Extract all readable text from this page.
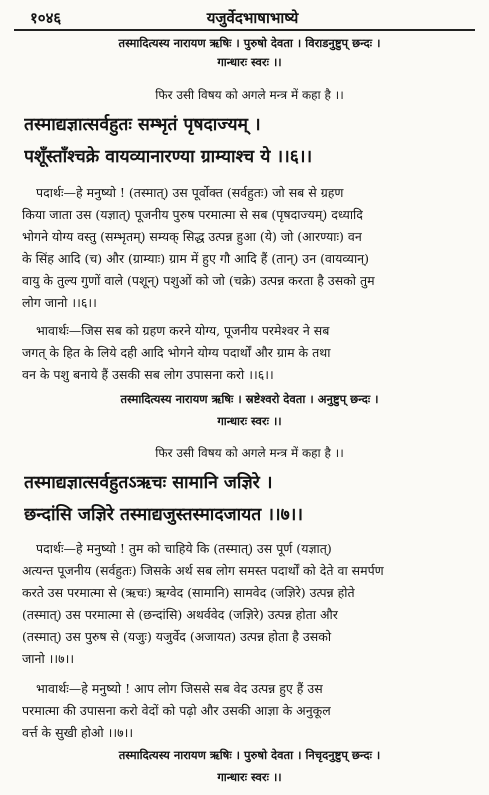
१०४६	यजुर्वेदभाषाभाष्ये
तस्मादित्यस्य नारायण ऋषिः । पुरुषो देवता । विराडनुष्टुप् छन्दः ।
गान्धारः स्वरः ।।
फिर उसी विषय को अगले मन्त्र में कहा है ।।
तस्माद्यज्ञात्सर्वहुतः सम्भृतं पृषदाज्यम् ।
पशूँस्ताँश्चक्रे वायव्यानारण्या ग्राम्याश्च ये ।।६।।
पदार्थः—हे मनुष्यो ! (तस्मात्) उस पूर्वोक्त (सर्वहुतः) जो सब से ग्रहण
किया जाता उस (यज्ञात्) पूजनीय पुरुष परमात्मा से सब (पृषदाज्यम्) दध्यादि
भोगने योग्य वस्तु (सम्भृतम्) सम्यक् सिद्ध उत्पन्न हुआ (ये) जो (आरण्याः) वन
के सिंह आदि (च) और (ग्राम्याः) ग्राम में हुए गौ आदि हैं (तान्) उन (वायव्यान्)
वायु के तुल्य गुणों वाले (पशून्) पशुओं को जो (चक्रे) उत्पन्न करता है उसको तुम
लोग जानो ।।६।।
भावार्थः—जिस सब को ग्रहण करने योग्य, पूजनीय परमेश्वर ने सब
जगत् के हित के लिये दही आदि भोगने योग्य पदार्थों और ग्राम के तथा
वन के पशु बनाये हैं उसकी सब लोग उपासना करो ।।६।।
तस्मादित्यस्य नारायण ऋषिः । स्रष्टेश्वरो देवता । अनुष्टुप् छन्दः ।
गान्धारः स्वरः ।।
फिर उसी विषय को अगले मन्त्र में कहा है ।।
तस्माद्यज्ञात्सर्वहुतऽऋचः सामानि जज्ञिरे ।
छन्दांसि जज्ञिरे तस्माद्यजुस्तस्मादजायत ।।७।।
पदार्थः—हे मनुष्यो ! तुम को चाहिये कि (तस्मात्) उस पूर्ण (यज्ञात्)
अत्यन्त पूजनीय (सर्वहुतः) जिसके अर्थ सब लोग समस्त पदार्थों को देते वा समर्पण
करते उस परमात्मा से (ऋचः) ऋग्वेद (सामानि) सामवेद (जज्ञिरे) उत्पन्न होते
(तस्मात्) उस परमात्मा से (छन्दांसि) अथर्ववेद (जज्ञिरे) उत्पन्न होता और
(तस्मात्) उस पुरुष से (यजुः) यजुर्वेद (अजायत) उत्पन्न होता है उसको
जानो ।।७।।
भावार्थः—हे मनुष्यो ! आप लोग जिससे सब वेद उत्पन्न हुए हैं उस
परमात्मा की उपासना करो वेदों को पढ़ो और उसकी आज्ञा के अनुकूल
वर्त्त के सुखी होओ ।।७।।
तस्मादित्यस्य नारायण ऋषिः । पुरुषो देवता । निचृदनुष्टुप् छन्दः ।
गान्धारः स्वरः ।।
